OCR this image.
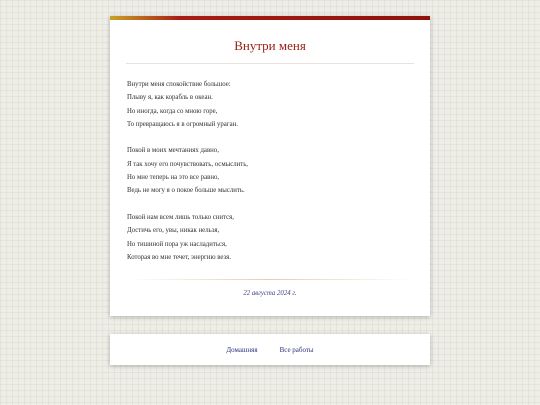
Внутри меня
Внутри меня спокойствие большое:
Плыву я, как корабль в океан.
Но иногда, когда со мною горе,
То превращаюсь я в огромный ураган.
Покой в моих мечтаниях давно,
Я так хочу его почувствовать, осмыслить,
Но мне теперь на это все равно,
Ведь не могу я о покое больше мыслить.
Покой нам всем лишь только снится,
Достичь его, увы, никак нельзя,
Но тишиной пора уж насладиться,
Которая во мне течет, энергию везя.
22 августа 2024 г.
Домашняя	Все работы
